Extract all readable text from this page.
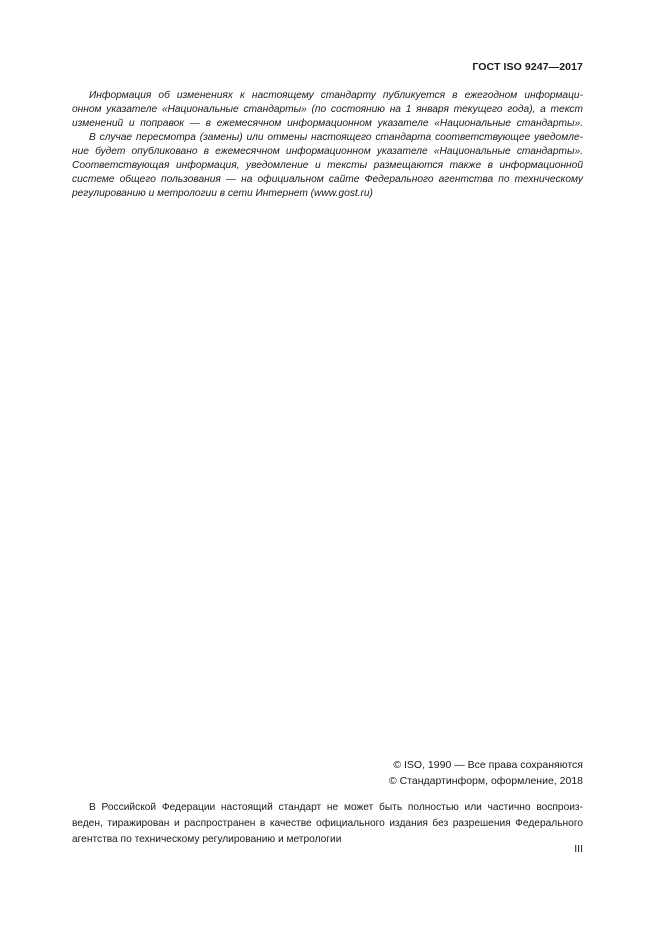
ГОСТ ISO 9247—2017
Информация об изменениях к настоящему стандарту публикуется в ежегодном информаци-
онном указателе «Национальные стандарты» (по состоянию на 1 января текущего года), а текст
изменений и поправок — в ежемесячном информационном указателе «Национальные стандарты».
В случае пересмотра (замены) или отмены настоящего стандарта соответствующее уведомле-
ние будет опубликовано в ежемесячном информационном указателе «Национальные стандарты».
Соответствующая информация, уведомление и тексты размещаются также в информационной
системе общего пользования — на официальном сайте Федерального агентства по техническому
регулированию и метрологии в сети Интернет (www.gost.ru)
© ISO, 1990 — Все права сохраняются
© Стандартинформ, оформление, 2018
В Российской Федерации настоящий стандарт не может быть полностью или частично воспроиз-
веден, тиражирован и распространен в качестве официального издания без разрешения Федерального
агентства по техническому регулированию и метрологии
III
